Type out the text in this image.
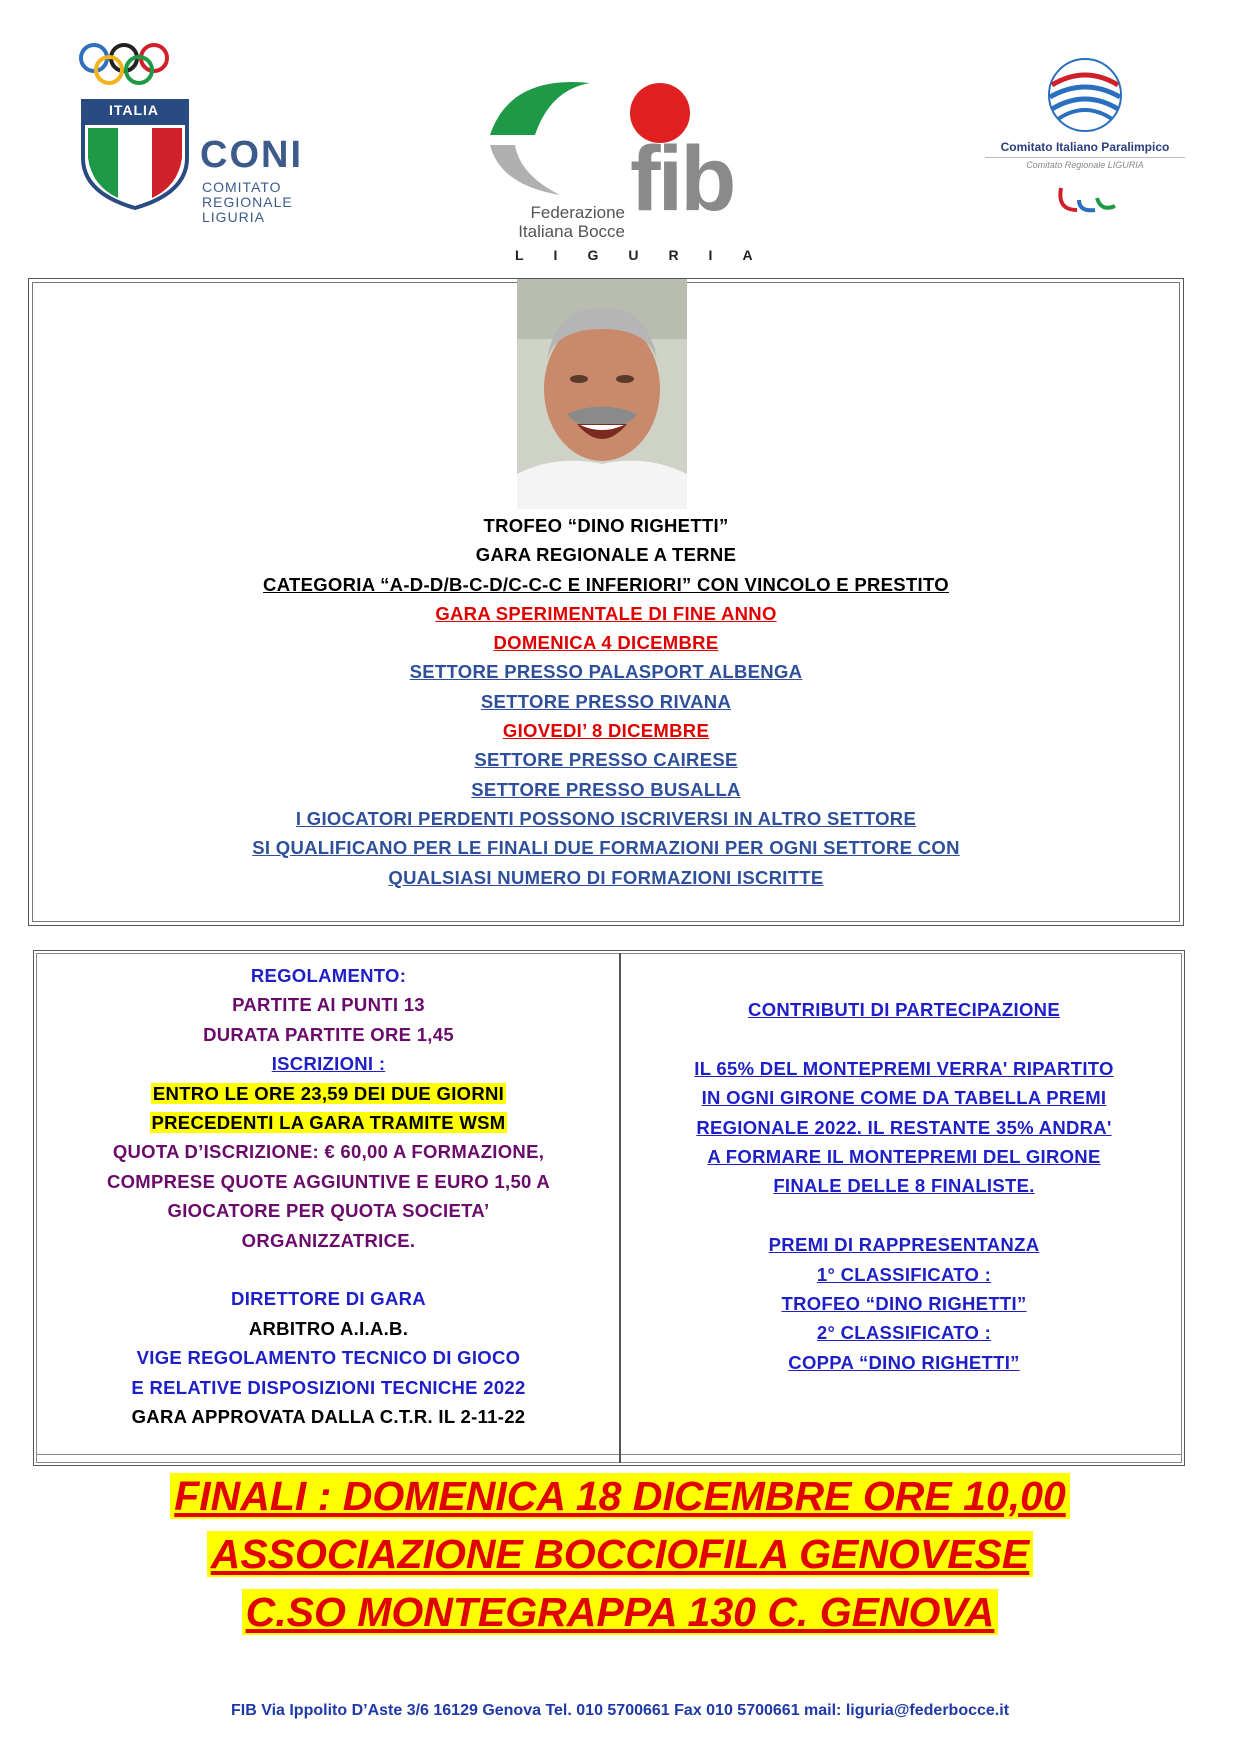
ITALIA
CONI
COMITATO
REGIONALE
LIGURIA	fib
Federazione
Italiana Bocce
LIGURIA
Comitato Italiano Paralimpico
Comitato Regionale LIGURIA
TROFEO “DINO RIGHETTI”
GARA REGIONALE A TERNE
CATEGORIA “A-D-D/B-C-D/C-C-C E INFERIORI” CON VINCOLO E PRESTITO
GARA SPERIMENTALE DI FINE ANNO
DOMENICA 4 DICEMBRE
SETTORE PRESSO PALASPORT ALBENGA
SETTORE PRESSO RIVANA
GIOVEDI’ 8 DICEMBRE
SETTORE PRESSO CAIRESE
SETTORE PRESSO BUSALLA
I GIOCATORI PERDENTI POSSONO ISCRIVERSI IN ALTRO SETTORE
SI QUALIFICANO PER LE FINALI DUE FORMAZIONI PER OGNI SETTORE CON
QUALSIASI NUMERO DI FORMAZIONI ISCRITTE
REGOLAMENTO:
PARTITE AI PUNTI 13
DURATA PARTITE ORE 1,45
ISCRIZIONI :
ENTRO LE ORE 23,59 DEI DUE GIORNI
PRECEDENTI LA GARA TRAMITE WSM
QUOTA D’ISCRIZIONE: € 60,00 A FORMAZIONE,
COMPRESE QUOTE AGGIUNTIVE E EURO 1,50 A
GIOCATORE PER QUOTA SOCIETA’
ORGANIZZATRICE.
DIRETTORE DI GARA
ARBITRO A.I.A.B.
VIGE REGOLAMENTO TECNICO DI GIOCO
E RELATIVE DISPOSIZIONI TECNICHE 2022
GARA APPROVATA DALLA C.T.R. IL 2-11-22
CONTRIBUTI DI PARTECIPAZIONE
IL 65% DEL MONTEPREMI VERRA' RIPARTITO
IN OGNI GIRONE COME DA TABELLA PREMI
REGIONALE 2022. IL RESTANTE 35% ANDRA'
A FORMARE IL MONTEPREMI DEL GIRONE
FINALE DELLE 8 FINALISTE.
PREMI DI RAPPRESENTANZA
1° CLASSIFICATO :
TROFEO “DINO RIGHETTI”
2° CLASSIFICATO :
COPPA “DINO RIGHETTI”
FINALI : DOMENICA 18 DICEMBRE ORE 10,00
ASSOCIAZIONE BOCCIOFILA GENOVESE
C.SO MONTEGRAPPA 130 C. GENOVA
FIB Via Ippolito D’Aste 3/6 16129 Genova Tel. 010 5700661 Fax 010 5700661 mail: liguria@federbocce.it
